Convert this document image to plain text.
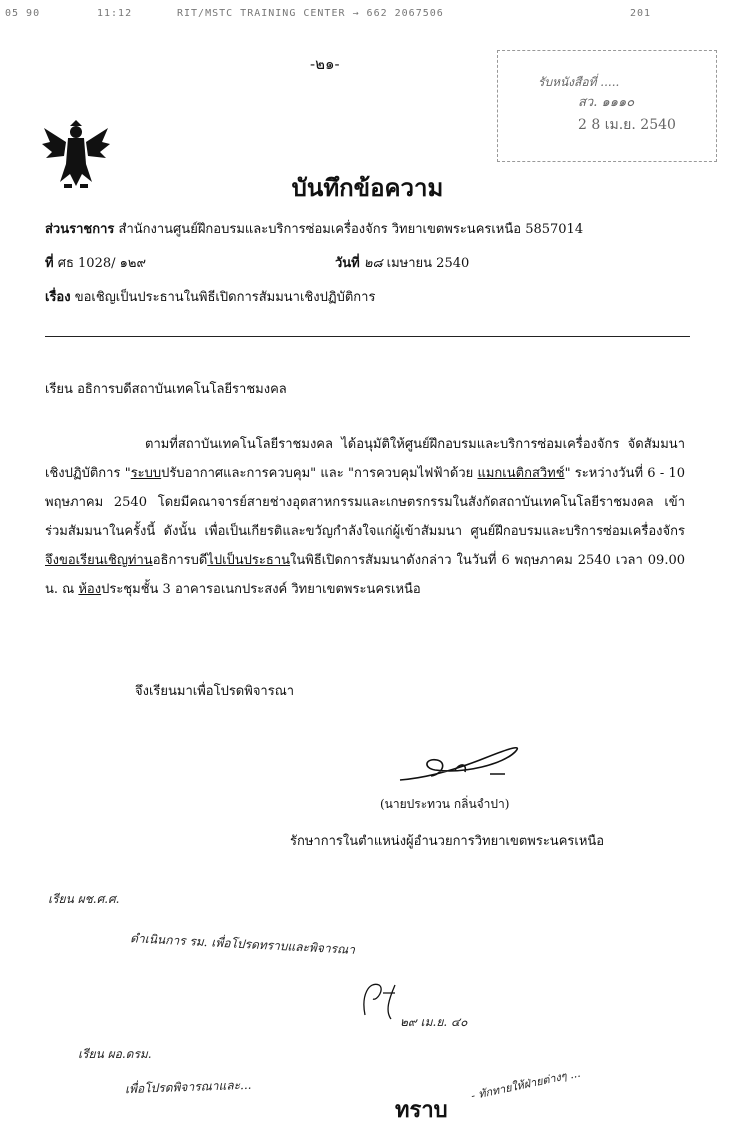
05 90	11:12	RIT/MSTC TRAINING CENTER → 662 2067506	201
-๒๑-
รับหนังสือที่ .....
สว. ๑๑๑๐
2 8 เม.ย. 2540
บันทึกข้อความ
ส่วนราชการ สำนักงานศูนย์ฝึกอบรมและบริการซ่อมเครื่องจักร วิทยาเขตพระนครเหนือ 5857014
ที่ ศธ 1028/ ๑๒๙	วันที่ ๒๘ เมษายน 2540
เรื่อง ขอเชิญเป็นประธานในพิธีเปิดการสัมมนาเชิงปฏิบัติการ
เรียน อธิการบดีสถาบันเทคโนโลยีราชมงคล
ตามที่สถาบันเทคโนโลยีราชมงคล ได้อนุมัติให้ศูนย์ฝึกอบรมและบริการซ่อมเครื่องจักร จัดสัมมนาเชิงปฏิบัติการ "ระบบปรับอากาศและการควบคุม" และ "การควบคุมไฟฟ้าด้วย แมกเนติกสวิทช์" ระหว่างวันที่ 6 - 10 พฤษภาคม 2540 โดยมีคณาจารย์สายช่างอุตสาหกรรมและเกษตรกรรมในสังกัดสถาบันเทคโนโลยีราชมงคล เข้าร่วมสัมมนาในครั้งนี้ ดังนั้น เพื่อเป็นเกียรติและขวัญกำลังใจแก่ผู้เข้าสัมมนา ศูนย์ฝึกอบรมและบริการซ่อมเครื่องจักร จึงขอเรียนเชิญท่านอธิการบดีไปเป็นประธานในพิธีเปิดการสัมมนาดังกล่าว ในวันที่ 6 พฤษภาคม 2540 เวลา 09.00 น. ณ ห้องประชุมชั้น 3 อาคารอเนกประสงค์ วิทยาเขตพระนครเหนือ
จึงเรียนมาเพื่อโปรดพิจารณา
(นายประทวน กลิ่นจำปา)
รักษาการในตำแหน่งผู้อำนวยการวิทยาเขตพระนครเหนือ
เรียน ผช.ศ.ศ.
ดำเนินการ รม. เพื่อโปรดทราบและพิจารณา
๒๙ เม.ย. ๔๐
เรียน ผอ.ดรม.
เพื่อโปรดพิจารณาและ...
ทราบ
- ทักทายให้ฝ่ายต่างๆ ...
